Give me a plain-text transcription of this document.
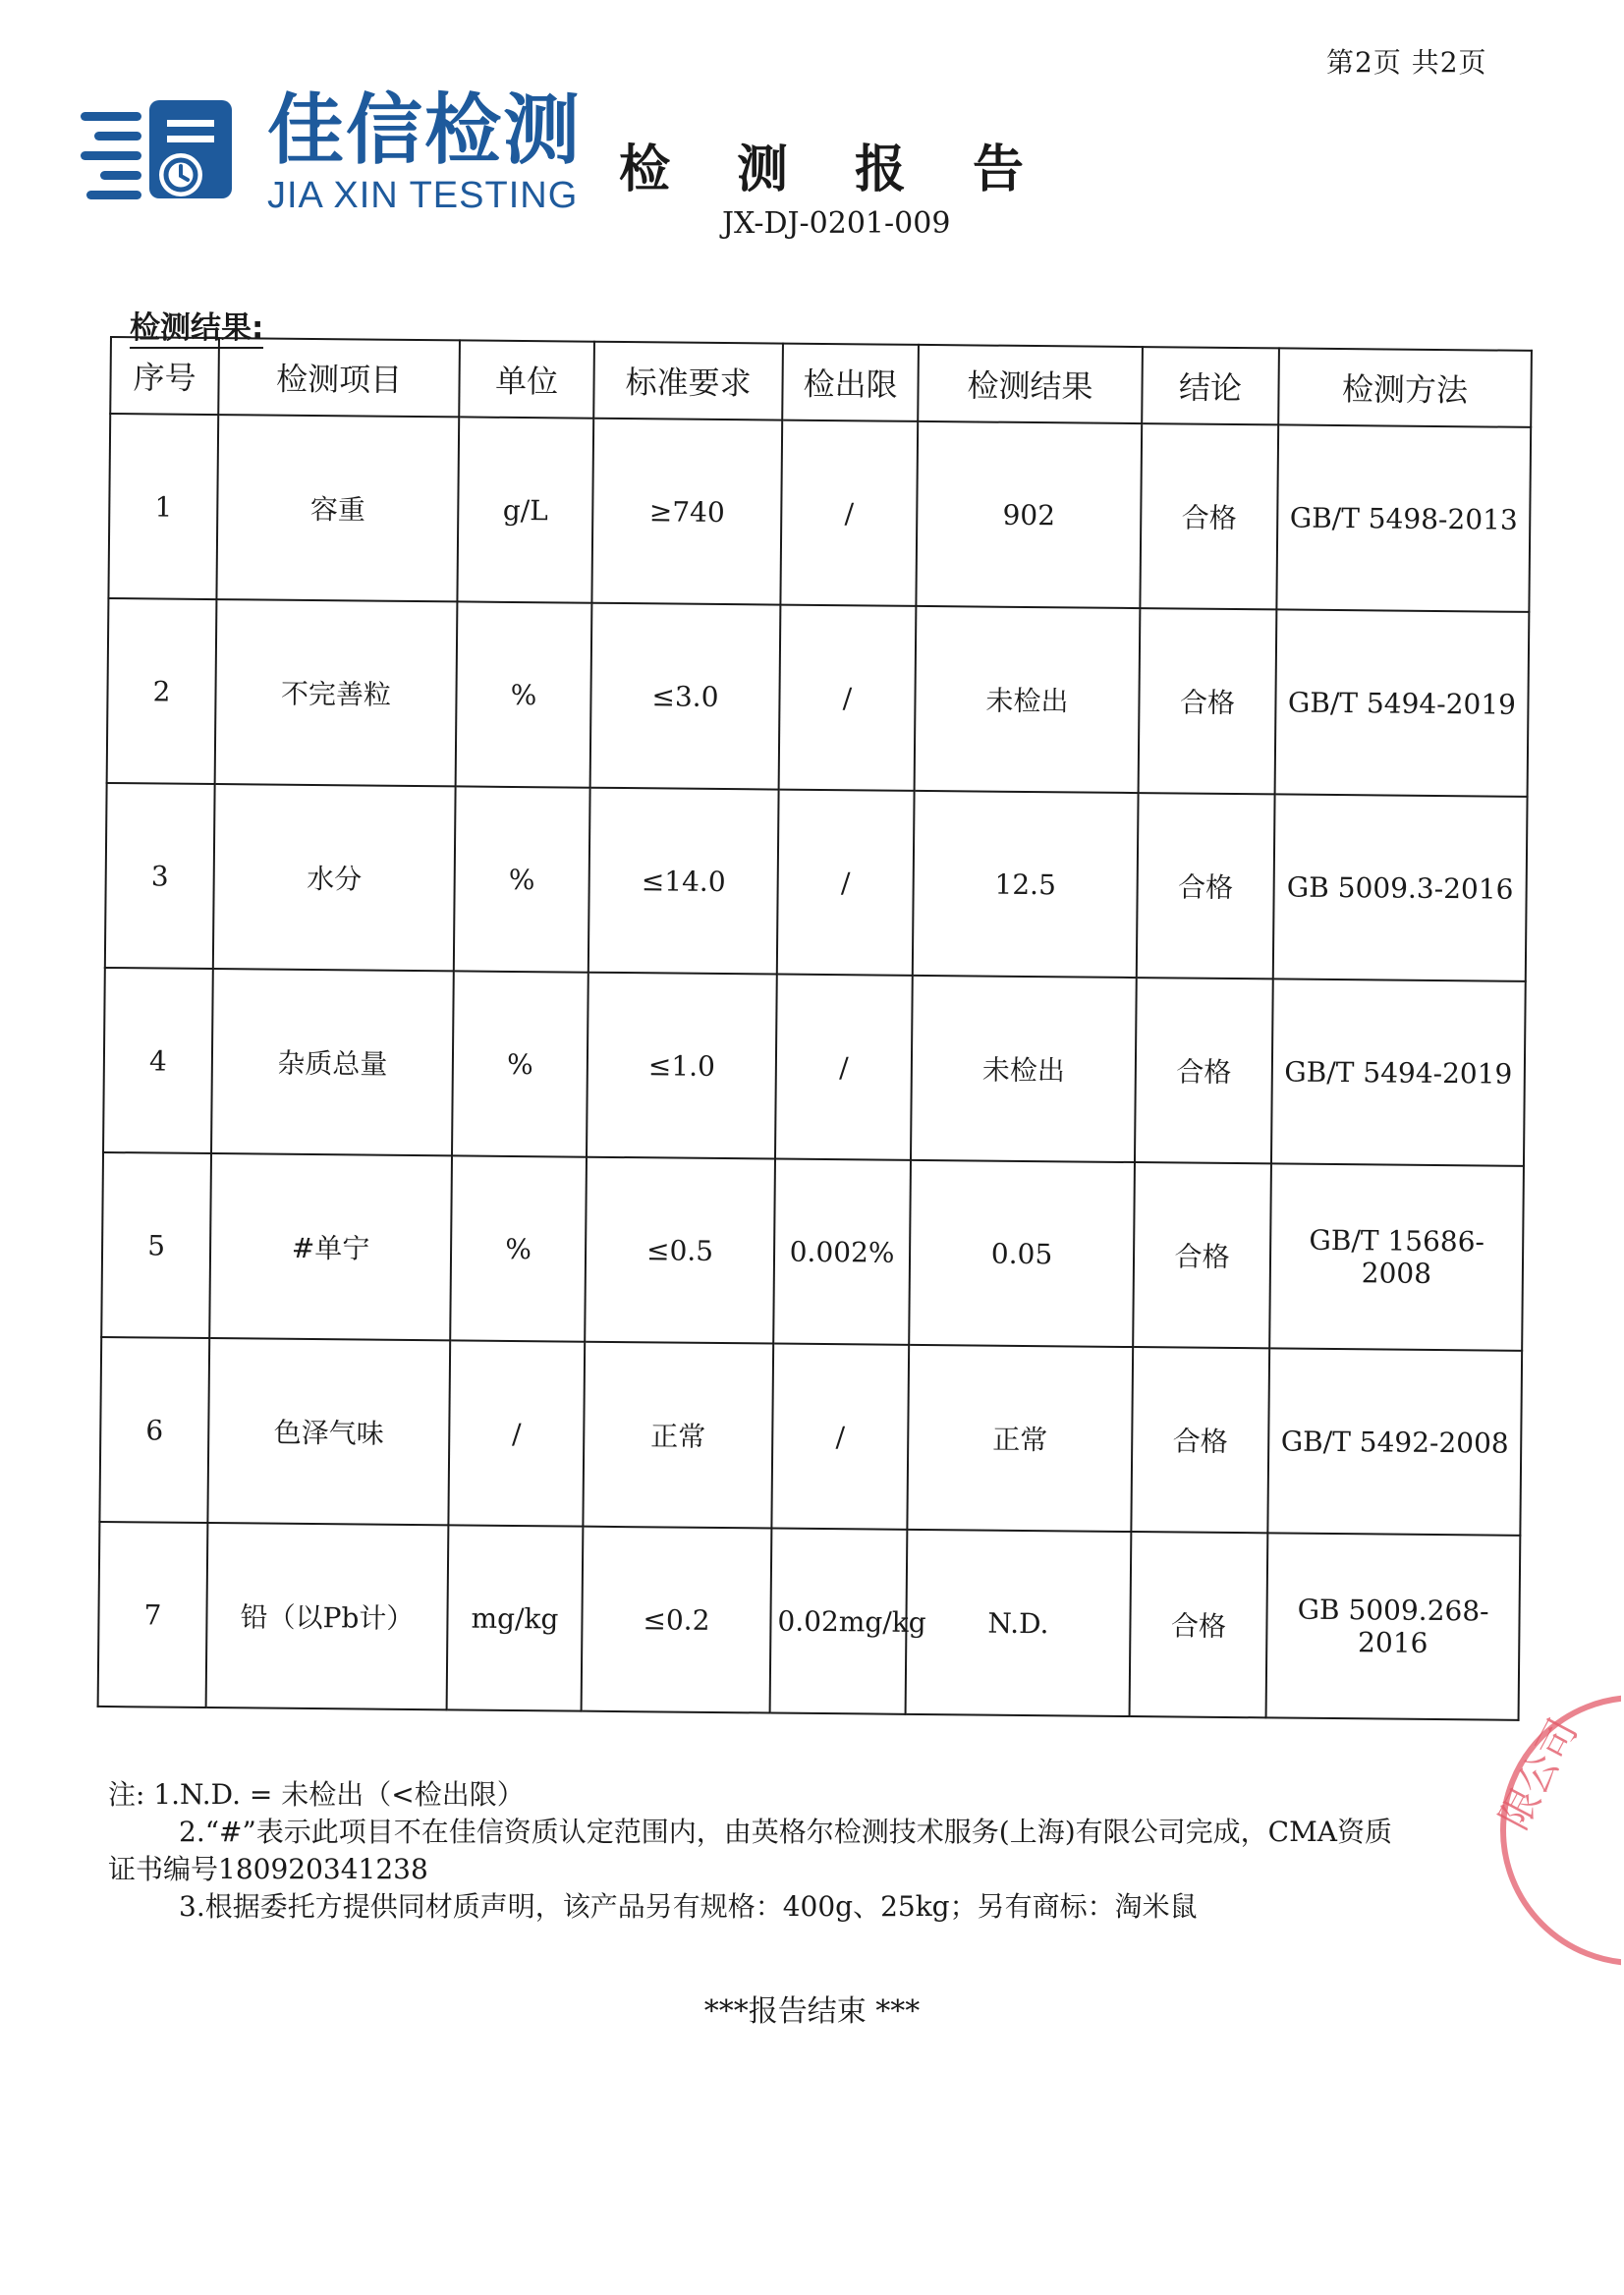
第2页 共2页
佳信检测
JIA XIN TESTING 检测报告
JX-DJ-0201-009
检测结果:
序号	检测项目	单位	标准要求	检出限	检测结果	结论	检测方法
1	容重	g/L	≥740	/	902	合格	GB/T 5498-2013
2	不完善粒	%	≤3.0	/	未检出	合格	GB/T 5494-2019
3	水分	%	≤14.0	/	12.5	合格	GB 5009.3-2016
4	杂质总量	%	≤1.0	/	未检出	合格	GB/T 5494-2019
5	#单宁	%	≤0.5	0.002%	0.05	合格	GB/T 15686-2008
6	色泽气味	/	正常	/	正常	合格	GB/T 5492-2008
7	铅（以Pb计）	mg/kg	≤0.2	0.02mg/kg	N.D.	合格	GB 5009.268-2016

注: 1.N.D. = 未检出（<检出限）

2.“#”表示此项目不在佳信资质认定范围内，由英格尔检测技术服务(上海)有限公司完成，CMA资质

证书编号180920341238

3.根据委托方提供同材质声明，该产品另有规格：400g、25kg；另有商标：淘米鼠

***报告结束 ***
限公司
